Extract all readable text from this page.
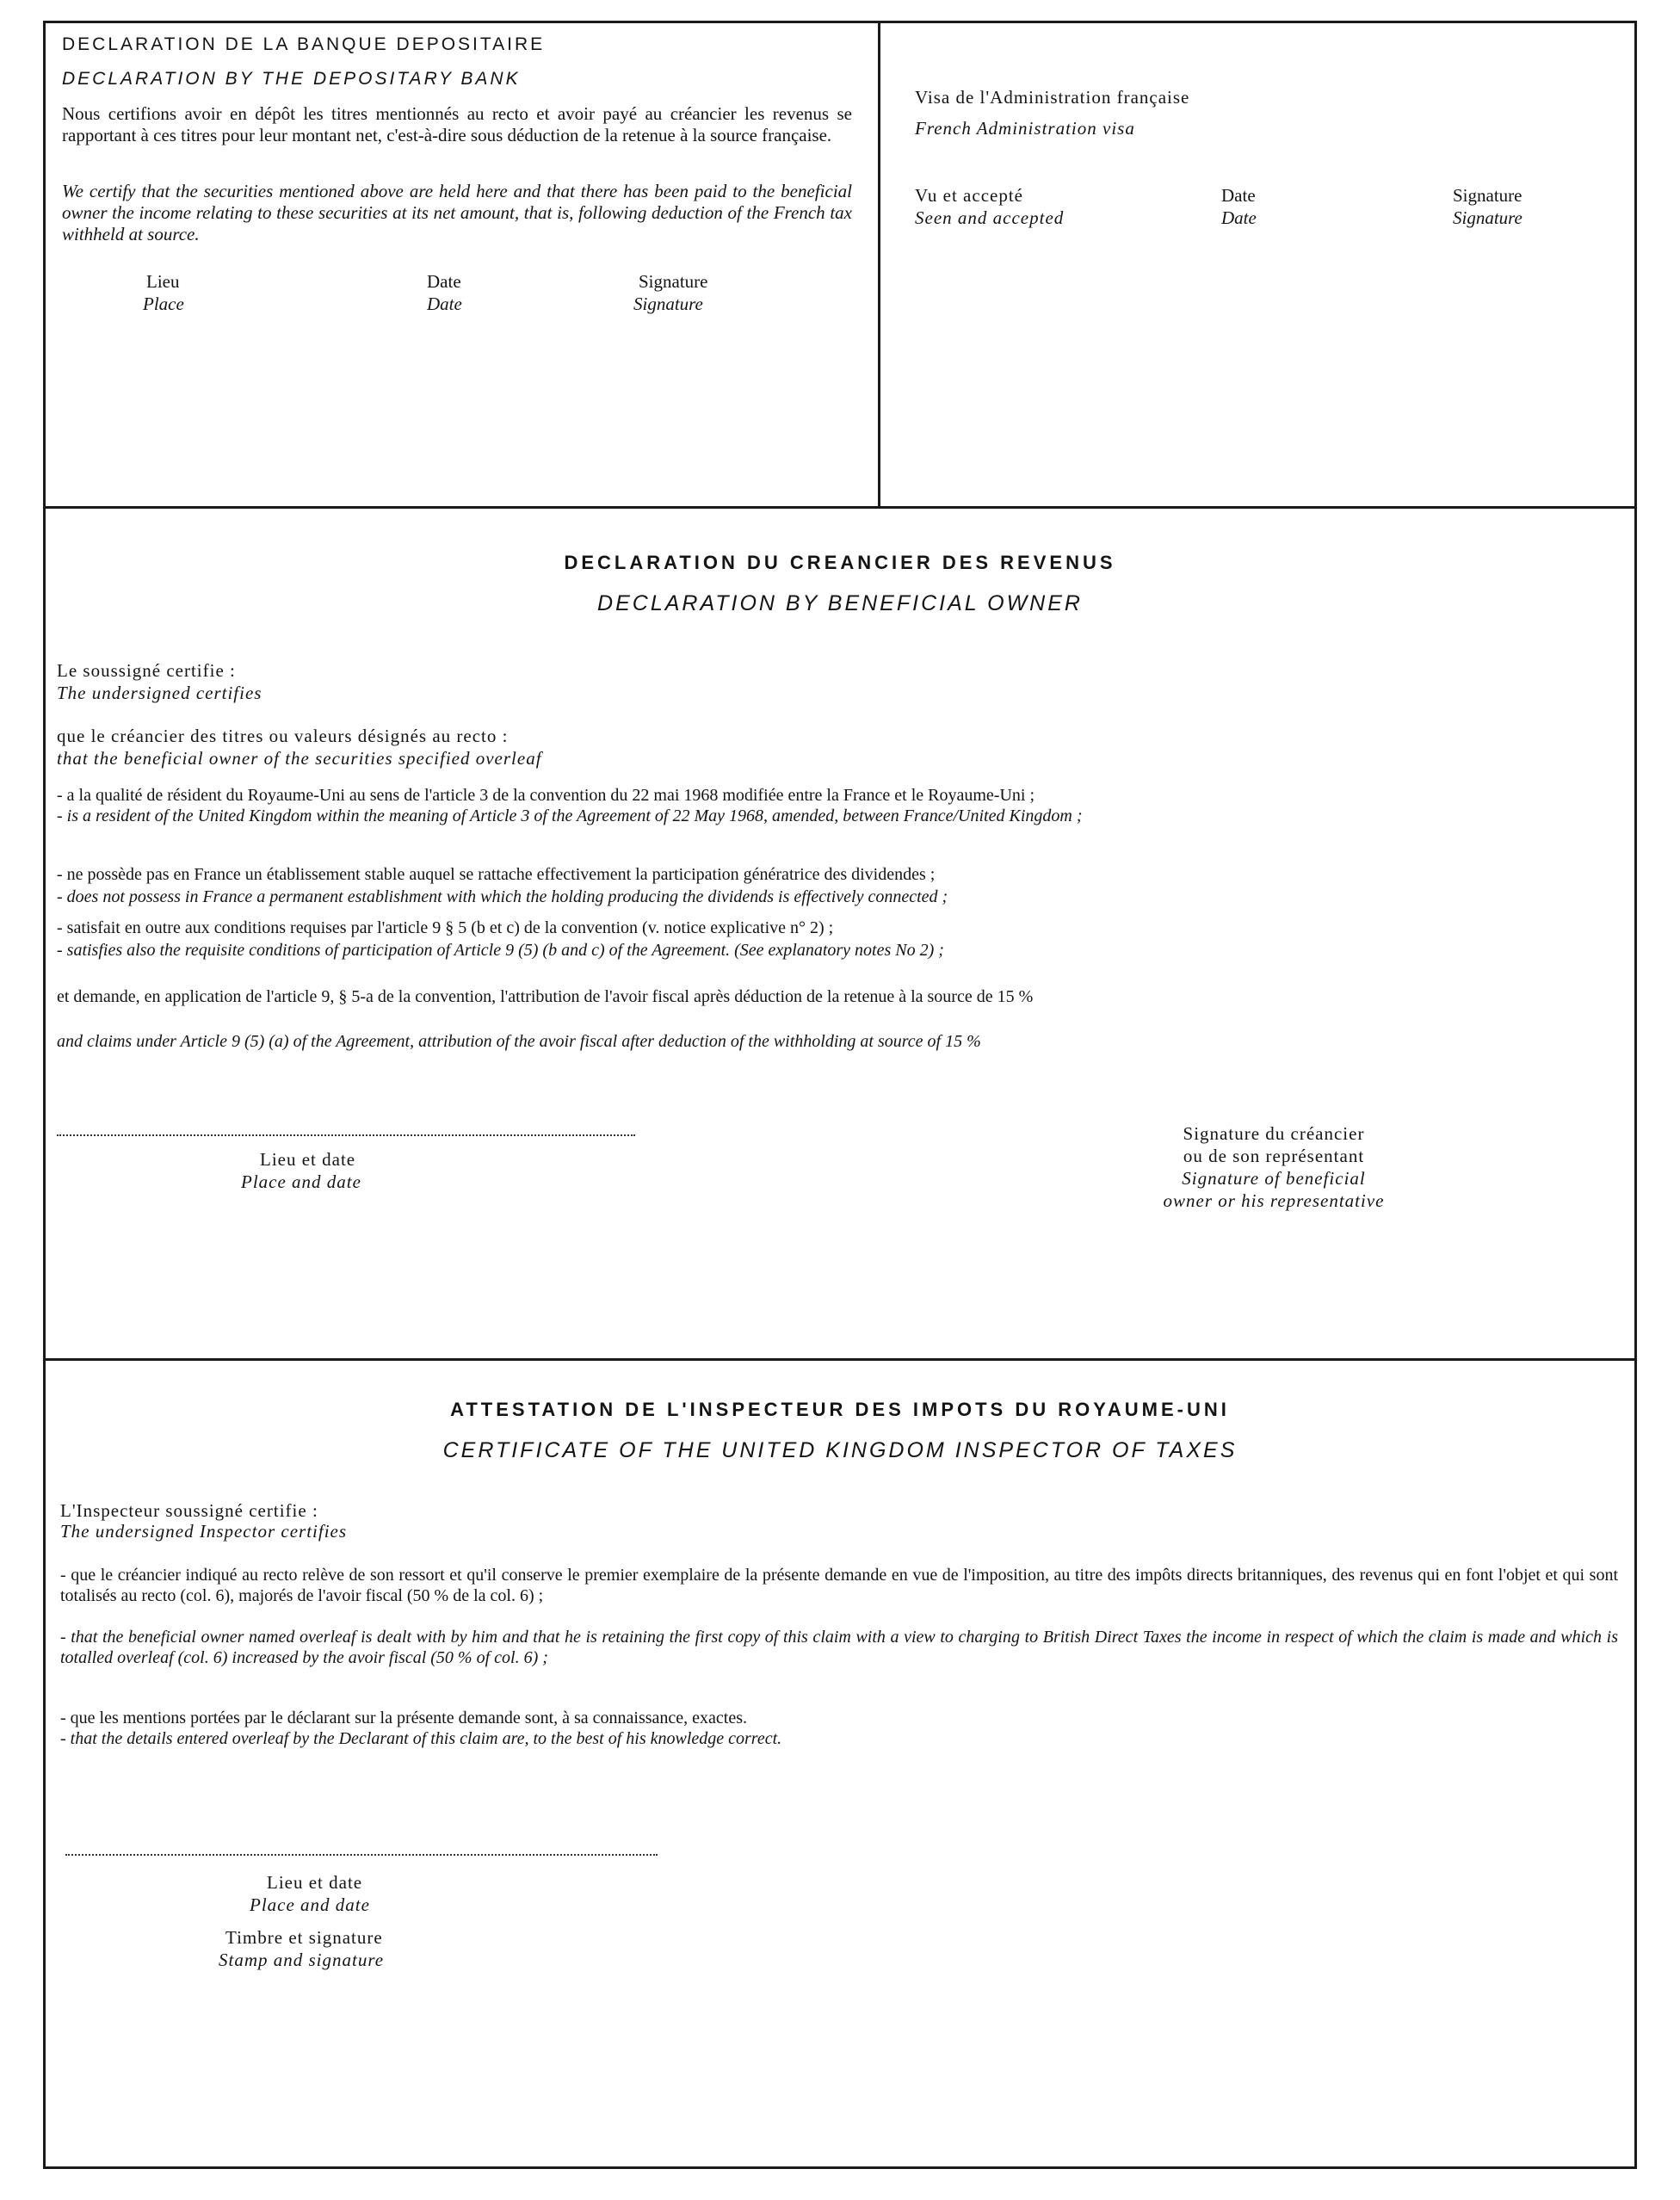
DECLARATION DE LA BANQUE DEPOSITAIRE
DECLARATION BY THE DEPOSITARY BANK
Nous certifions avoir en dépôt les titres mentionnés au recto et avoir payé au créancier les revenus se rapportant à ces titres pour leur montant net, c'est-à-dire sous déduction de la retenue à la source française.
We certify that the securities mentioned above are held here and that there has been paid to the beneficial owner the income relating to these securities at its net amount, that is, following deduction of the French tax withheld at source.
Lieu
Place
Date
Date
Signature
Signature
Visa de l'Administration française
French Administration visa
Vu et accepté
Seen and accepted
Date
Date
Signature
Signature
DECLARATION DU CREANCIER DES REVENUS
DECLARATION BY BENEFICIAL OWNER
Le soussigné certifie :
The undersigned certifies
que le créancier des titres ou valeurs désignés au recto :
that the beneficial owner of the securities specified overleaf
- a la qualité de résident du Royaume-Uni au sens de l'article 3 de la convention du 22 mai 1968 modifiée entre la France et le Royaume-Uni ;
- is a resident of the United Kingdom within the meaning of Article 3 of the Agreement of 22 May 1968, amended, between France/United Kingdom ;
- ne possède pas en France un établissement stable auquel se rattache effectivement la participation génératrice des dividendes ;
- does not possess in France a permanent establishment with which the holding producing the dividends is effectively connected ;
- satisfait en outre aux conditions requises par l'article 9 § 5 (b et c) de la convention (v. notice explicative n° 2) ;
- satisfies also the requisite conditions of participation of Article 9 (5) (b and c) of the Agreement. (See explanatory notes No 2) ;
et demande, en application de l'article 9, § 5-a de la convention, l'attribution de l'avoir fiscal après déduction de la retenue à la source de 15 %
and claims under Article 9 (5) (a) of the Agreement, attribution of the avoir fiscal after deduction of the withholding at source of 15 %
Lieu et date
Place and date
Signature du créancier
ou de son représentant
Signature of beneficial
owner or his representative
ATTESTATION DE L'INSPECTEUR DES IMPOTS DU ROYAUME-UNI
CERTIFICATE OF THE UNITED KINGDOM INSPECTOR OF TAXES
L'Inspecteur soussigné certifie :
The undersigned Inspector certifies
- que le créancier indiqué au recto relève de son ressort et qu'il conserve le premier exemplaire de la présente demande en vue de l'imposition, au titre des impôts directs britanniques, des revenus qui en font l'objet et qui sont totalisés au recto (col. 6), majorés de l'avoir fiscal (50 % de la col. 6) ;
- that the beneficial owner named overleaf is dealt with by him and that he is retaining the first copy of this claim with a view to charging to British Direct Taxes the income in respect of which the claim is made and which is totalled overleaf (col. 6) increased by the avoir fiscal (50 % of col. 6) ;
- que les mentions portées par le déclarant sur la présente demande sont, à sa connaissance, exactes.
- that the details entered overleaf by the Declarant of this claim are, to the best of his knowledge correct.
Lieu et date
Place and date
Timbre et signature
Stamp and signature
